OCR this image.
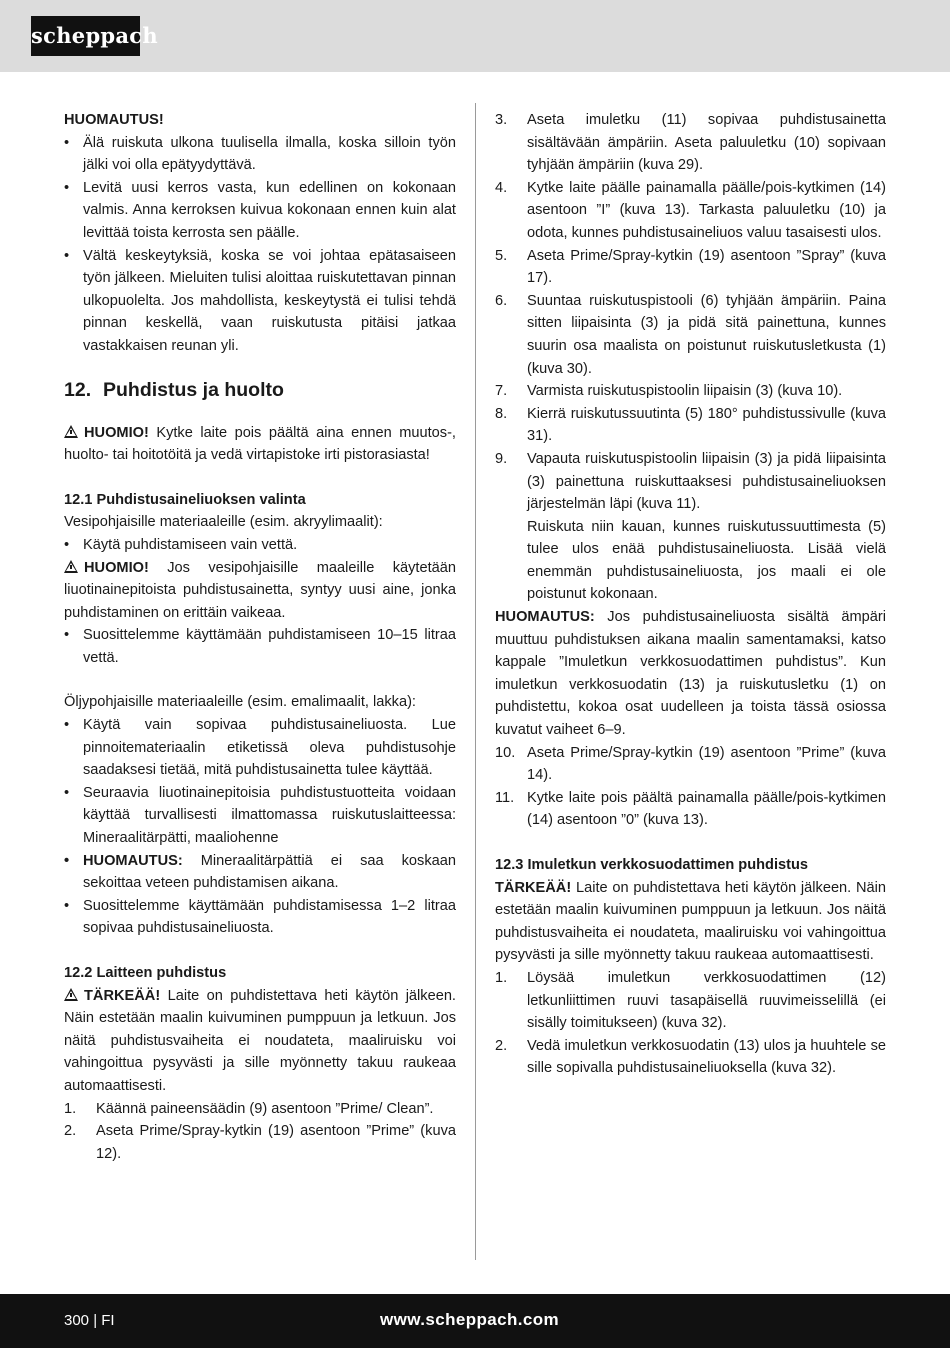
scheppach

HUOMAUTUS!

• Älä ruiskuta ulkona tuulisella ilmalla, koska silloin työn jälki voi olla epätyydyttävä.
• Levitä uusi kerros vasta, kun edellinen on kokonaan valmis. Anna kerroksen kuivua kokonaan ennen kuin alat levittää toista kerrosta sen päälle.
• Vältä keskeytyksiä, koska se voi johtaa epätasaiseen työn jälkeen. Mieluiten tulisi aloittaa ruiskutettavan pinnan ulkopuolelta. Jos mahdollista, keskeytystä ei tulisi tehdä pinnan keskellä, vaan ruiskutusta pitäisi jatkaa vastakkaisen reunan yli.
12. Puhdistus ja huolto

HUOMIO! Kytke laite pois päältä aina ennen muutos-, huolto- tai hoitotöitä ja vedä virtapistoke irti pistorasiasta!

12.1 Puhdistusaineliuoksen valinta

Vesipohjaisille materiaaleille (esim. akryylimaalit):

• Käytä puhdistamiseen vain vettä.

HUOMIO! Jos vesipohjaisille maaleille käytetään liuotinainepitoista puhdistusainetta, syntyy uusi aine, jonka puhdistaminen on erittäin vaikeaa.

• Suosittelemme käyttämään puhdistamiseen 10–15 litraa vettä.

Öljypohjaisille materiaaleille (esim. emalimaalit, lakka):

• Käytä vain sopivaa puhdistusaineliuosta. Lue pinnoitemateriaalin etiketissä oleva puhdistusohje saadaksesi tietää, mitä puhdistusainetta tulee käyttää.
• Seuraavia liuotinainepitoisia puhdistustuotteita voidaan käyttää turvallisesti ilmattomassa ruiskutuslaitteessa: Mineraalitärpätti, maaliohenne
• HUOMAUTUS: Mineraalitärpättiä ei saa koskaan sekoittaa veteen puhdistamisen aikana.
• Suosittelemme käyttämään puhdistamisessa 1–2 litraa sopivaa puhdistusaineliuosta.

12.2 Laitteen puhdistus

TÄRKEÄÄ! Laite on puhdistettava heti käytön jälkeen. Näin estetään maalin kuivuminen pumppuun ja letkuun. Jos näitä puhdistusvaiheita ei noudateta, maaliruisku voi vahingoittua pysyvästi ja sille myönnetty takuu raukeaa automaattisesti.

1. Käännä paineensäädin (9) asentoon ”Prime/ Clean”.
2. Aseta Prime/Spray-kytkin (19) asentoon ”Prime” (kuva 12).
3. Aseta imuletku (11) sopivaa puhdistusainetta sisältävään ämpäriin. Aseta paluuletku (10) sopivaan tyhjään ämpäriin (kuva 29).
4. Kytke laite päälle painamalla päälle/pois-kytkimen (14) asentoon ”I” (kuva 13). Tarkasta paluuletku (10) ja odota, kunnes puhdistusaineliuos valuu tasaisesti ulos.
5. Aseta Prime/Spray-kytkin (19) asentoon ”Spray” (kuva 17).
6. Suuntaa ruiskutuspistooli (6) tyhjään ämpäriin. Paina sitten liipaisinta (3) ja pidä sitä painettuna, kunnes suurin osa maalista on poistunut ruiskutusletkusta (1) (kuva 30).
7. Varmista ruiskutuspistoolin liipaisin (3) (kuva 10).
8. Kierrä ruiskutussuutinta (5) 180° puhdistussivulle (kuva 31).
9. Vapauta ruiskutuspistoolin liipaisin (3) ja pidä liipaisinta (3) painettuna ruiskuttaaksesi puhdistusaineliuoksen järjestelmän läpi (kuva 11).
Ruiskuta niin kauan, kunnes ruiskutussuuttimesta (5) tulee ulos enää puhdistusaineliuosta. Lisää vielä enemmän puhdistusaineliuosta, jos maali ei ole poistunut kokonaan.

HUOMAUTUS: Jos puhdistusaineliuosta sisältä ämpäri muuttuu puhdistuksen aikana maalin samentamaksi, katso kappale ”Imuletkun verkkosuodattimen puhdistus”. Kun imuletkun verkkosuodatin (13) ja ruiskutusletku (1) on puhdistettu, kokoa osat uudelleen ja toista tässä osiossa kuvatut vaiheet 6–9.

10. Aseta Prime/Spray-kytkin (19) asentoon ”Prime” (kuva 14).
11. Kytke laite pois päältä painamalla päälle/pois-kytkimen (14) asentoon ”0” (kuva 13).

12.3 Imuletkun verkkosuodattimen puhdistus

TÄRKEÄÄ! Laite on puhdistettava heti käytön jälkeen. Näin estetään maalin kuivuminen pumppuun ja letkuun. Jos näitä puhdistusvaiheita ei noudateta, maaliruisku voi vahingoittua pysyvästi ja sille myönnetty takuu raukeaa automaattisesti.

1. Löysää imuletkun verkkosuodattimen (12) letkunliittimen ruuvi tasapäisellä ruuvimeisselillä (ei sisälly toimitukseen) (kuva 32).
2. Vedä imuletkun verkkosuodatin (13) ulos ja huuhtele se sille sopivalla puhdistusaineliuoksella (kuva 32).
300 | FI	www.scheppach.com
